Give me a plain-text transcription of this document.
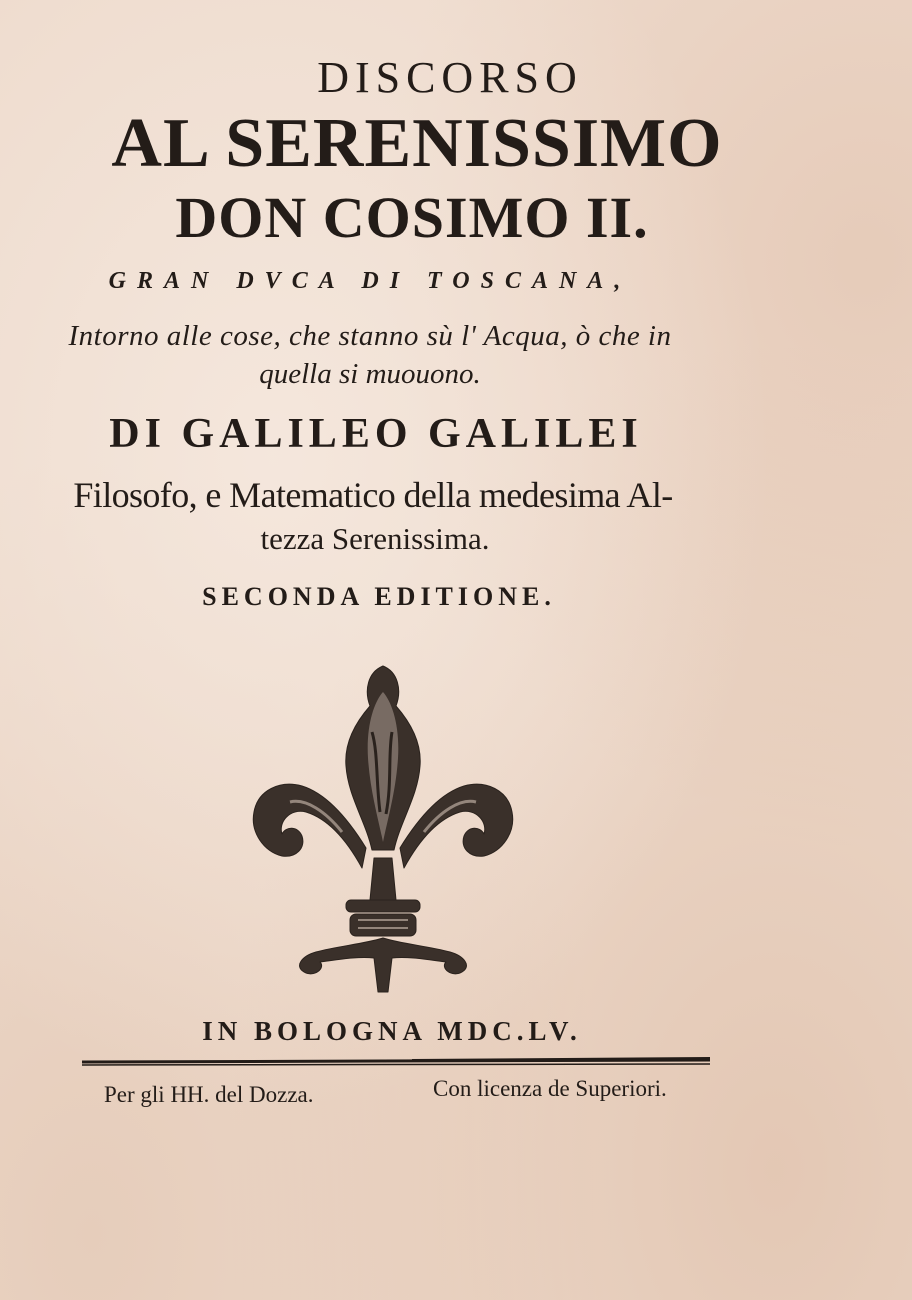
DISCORSO
AL SERENISSIMO
DON COSIMO II.
GRAN DVCA DI TOSCANA,
Intorno alle cose, che stanno sù l' Acqua, ò che in
quella si muouono.
DI GALILEO GALILEI
Filosofo, e Matematico della medesima Al-
tezza Serenissima.
SECONDA EDITIONE.
IN BOLOGNA MDC.LV.
Per gli HH. del Dozza.	Con licenza de Superiori.
